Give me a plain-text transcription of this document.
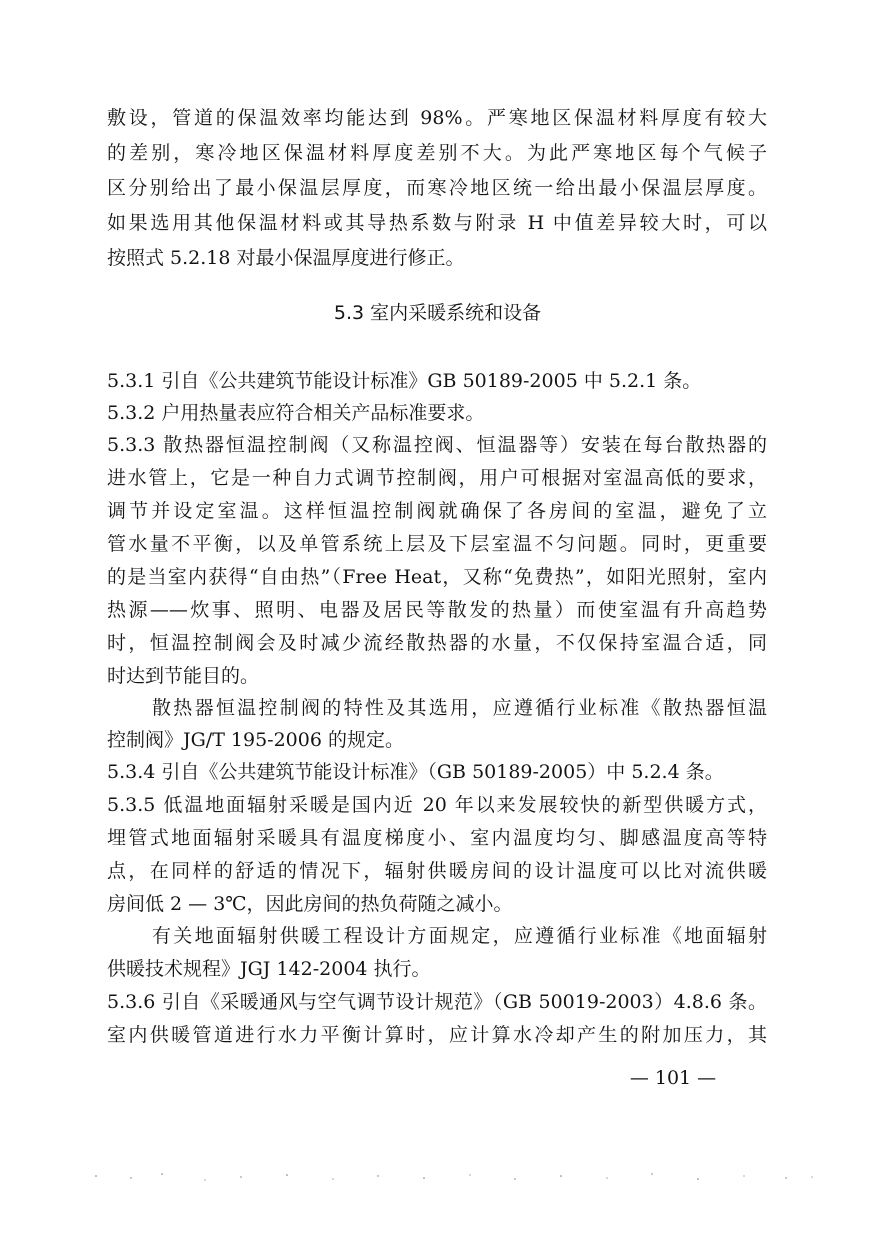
敷设，管道的保温效率均能达到 98%。严寒地区保温材料厚度有较大
的差别，寒冷地区保温材料厚度差别不大。为此严寒地区每个气候子
区分别给出了最小保温层厚度，而寒冷地区统一给出最小保温层厚度。
如果选用其他保温材料或其导热系数与附录 H 中值差异较大时，可以
按照式 5.2.18 对最小保温厚度进行修正。
5.3 室内采暖系统和设备
5.3.1 引自《公共建筑节能设计标准》GB 50189-2005 中 5.2.1 条。
5.3.2 户用热量表应符合相关产品标准要求。
5.3.3 散热器恒温控制阀（又称温控阀、恒温器等）安装在每台散热器的
进水管上，它是一种自力式调节控制阀，用户可根据对室温高低的要求，
调节并设定室温。这样恒温控制阀就确保了各房间的室温，避免了立
管水量不平衡，以及单管系统上层及下层室温不匀问题。同时，更重要
的是当室内获得“自由热”（Free Heat，又称“免费热”，如阳光照射，室内
热源——炊事、照明、电器及居民等散发的热量）而使室温有升高趋势
时，恒温控制阀会及时减少流经散热器的水量，不仅保持室温合适，同
时达到节能目的。
散热器恒温控制阀的特性及其选用，应遵循行业标准《散热器恒温
控制阀》JG/T 195-2006 的规定。
5.3.4 引自《公共建筑节能设计标准》（GB 50189-2005）中 5.2.4 条。
5.3.5 低温地面辐射采暖是国内近 20 年以来发展较快的新型供暖方式，
埋管式地面辐射采暖具有温度梯度小、室内温度均匀、脚感温度高等特
点，在同样的舒适的情况下，辐射供暖房间的设计温度可以比对流供暖
房间低 2 — 3℃，因此房间的热负荷随之减小。
有关地面辐射供暖工程设计方面规定，应遵循行业标准《地面辐射
供暖技术规程》JGJ 142-2004 执行。
5.3.6 引自《采暖通风与空气调节设计规范》（GB 50019-2003）4.8.6 条。
室内供暖管道进行水力平衡计算时，应计算水冷却产生的附加压力，其
— 101 —
